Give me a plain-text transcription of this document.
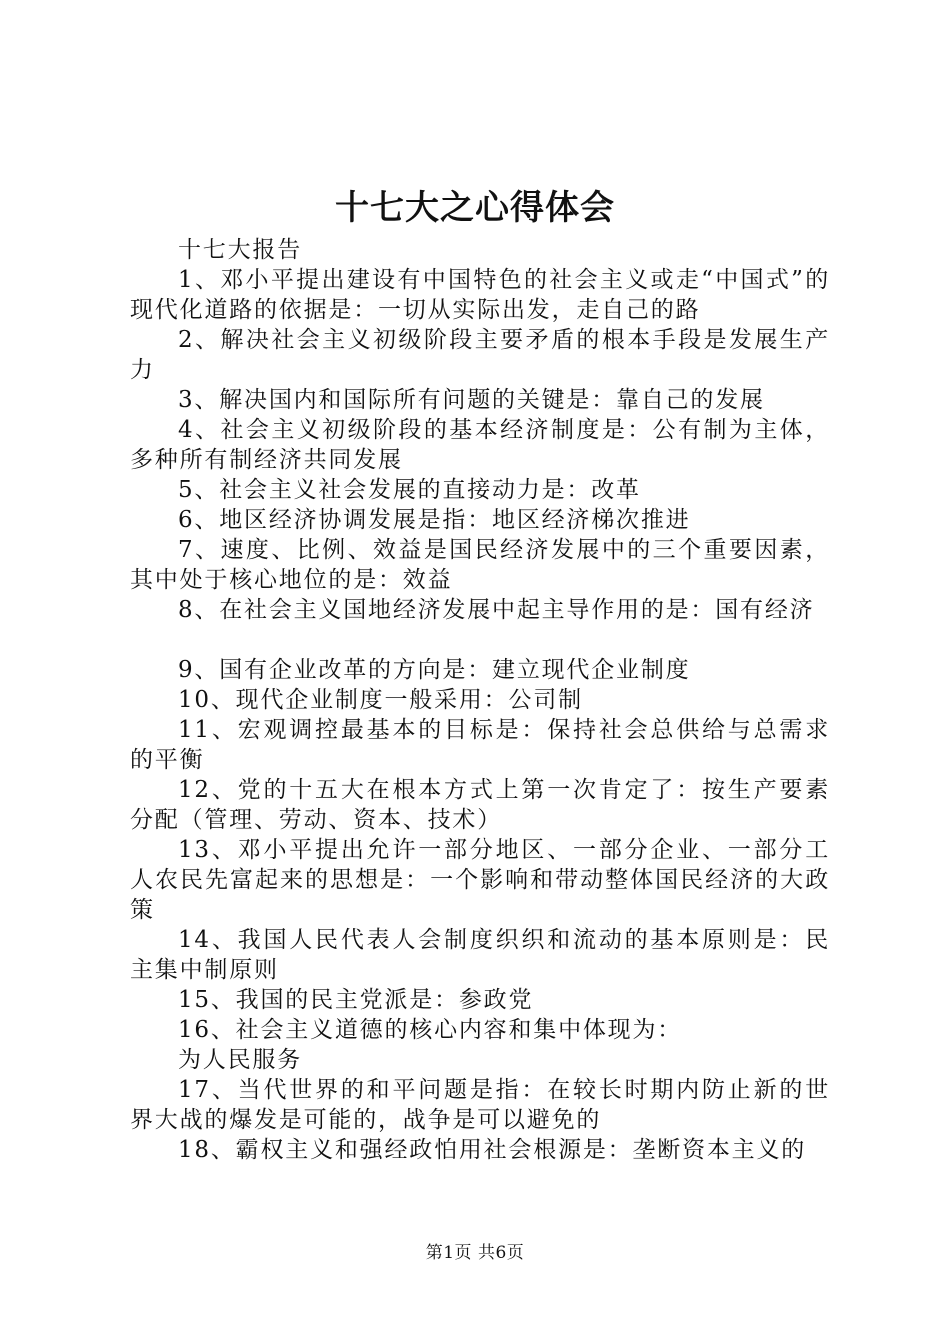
十七大之心得体会

十七大报告

1、邓小平提出建设有中国特色的社会主义或走“中国式”的现代化道路的依据是：一切从实际出发，走自己的路

2、解决社会主义初级阶段主要矛盾的根本手段是发展生产力

3、解决国内和国际所有问题的关键是：靠自己的发展

4、社会主义初级阶段的基本经济制度是：公有制为主体，多种所有制经济共同发展

5、社会主义社会发展的直接动力是：改革

6、地区经济协调发展是指：地区经济梯次推进

7、速度、比例、效益是国民经济发展中的三个重要因素，其中处于核心地位的是：效益

8、在社会主义国地经济发展中起主导作用的是：国有经济

9、国有企业改革的方向是：建立现代企业制度

10、现代企业制度一般采用：公司制

11、宏观调控最基本的目标是：保持社会总供给与总需求的平衡

12、党的十五大在根本方式上第一次肯定了：按生产要素分配（管理、劳动、资本、技术）

13、邓小平提出允许一部分地区、一部分企业、一部分工人农民先富起来的思想是：一个影响和带动整体国民经济的大政策

14、我国人民代表人会制度织织和流动的基本原则是：民主集中制原则

15、我国的民主党派是：参政党

16、社会主义道德的核心内容和集中体现为：

为人民服务

17、当代世界的和平问题是指：在较长时期内防止新的世界大战的爆发是可能的，战争是可以避免的

18、霸权主义和强经政怕用社会根源是：垄断资本主义的

第1页 共6页
